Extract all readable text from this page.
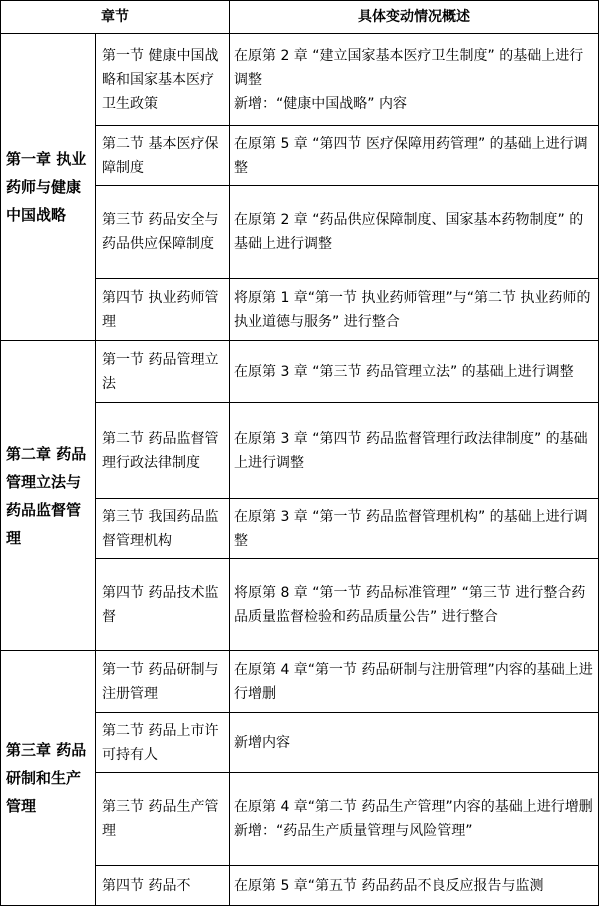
章节		具体变动情况概述
第一章 执业药师与健康中国战略	第一节 健康中国战略和国家基本医疗卫生政策	在原第 2 章 “建立国家基本医疗卫生制度” 的基础上进行调整
新增：“健康中国战略” 内容

	第二节 基本医疗保障制度	在原第 5 章 “第四节 医疗保障用药管理” 的基础上进行调整

	第三节 药品安全与药品供应保障制度	在原第 2 章 “药品供应保障制度、国家基本药物制度” 的基础上进行调整

	第四节 执业药师管理	将原第 1 章“第一节 执业药师管理”与“第二节 执业药师的执业道德与服务” 进行整合

第二章 药品管理立法与药品监督管理	第一节 药品管理立法	在原第 3 章 “第三节 药品管理立法” 的基础上进行调整

	第二节 药品监督管理行政法律制度	在原第 3 章 “第四节 药品监督管理行政法律制度” 的基础上进行调整

	第三节 我国药品监督管理机构	在原第 3 章 “第一节 药品监督管理机构” 的基础上进行调整

	第四节 药品技术监督	将原第 8 章 “第一节 药品标准管理” “第三节 进行整合药品质量监督检验和药品质量公告” 进行整合

第三章 药品研制和生产管理	第一节 药品研制与注册管理	在原第 4 章“第一节 药品研制与注册管理”内容的基础上进行增删

	第二节 药品上市许可持有人	新增内容

	第三节 药品生产管理	在原第 4 章“第二节 药品生产管理”内容的基础上进行增删
新增：“药品生产质量管理与风险管理”

	第四节 药品不	在原第 5 章“第五节 药品药品不良反应报告与监测
